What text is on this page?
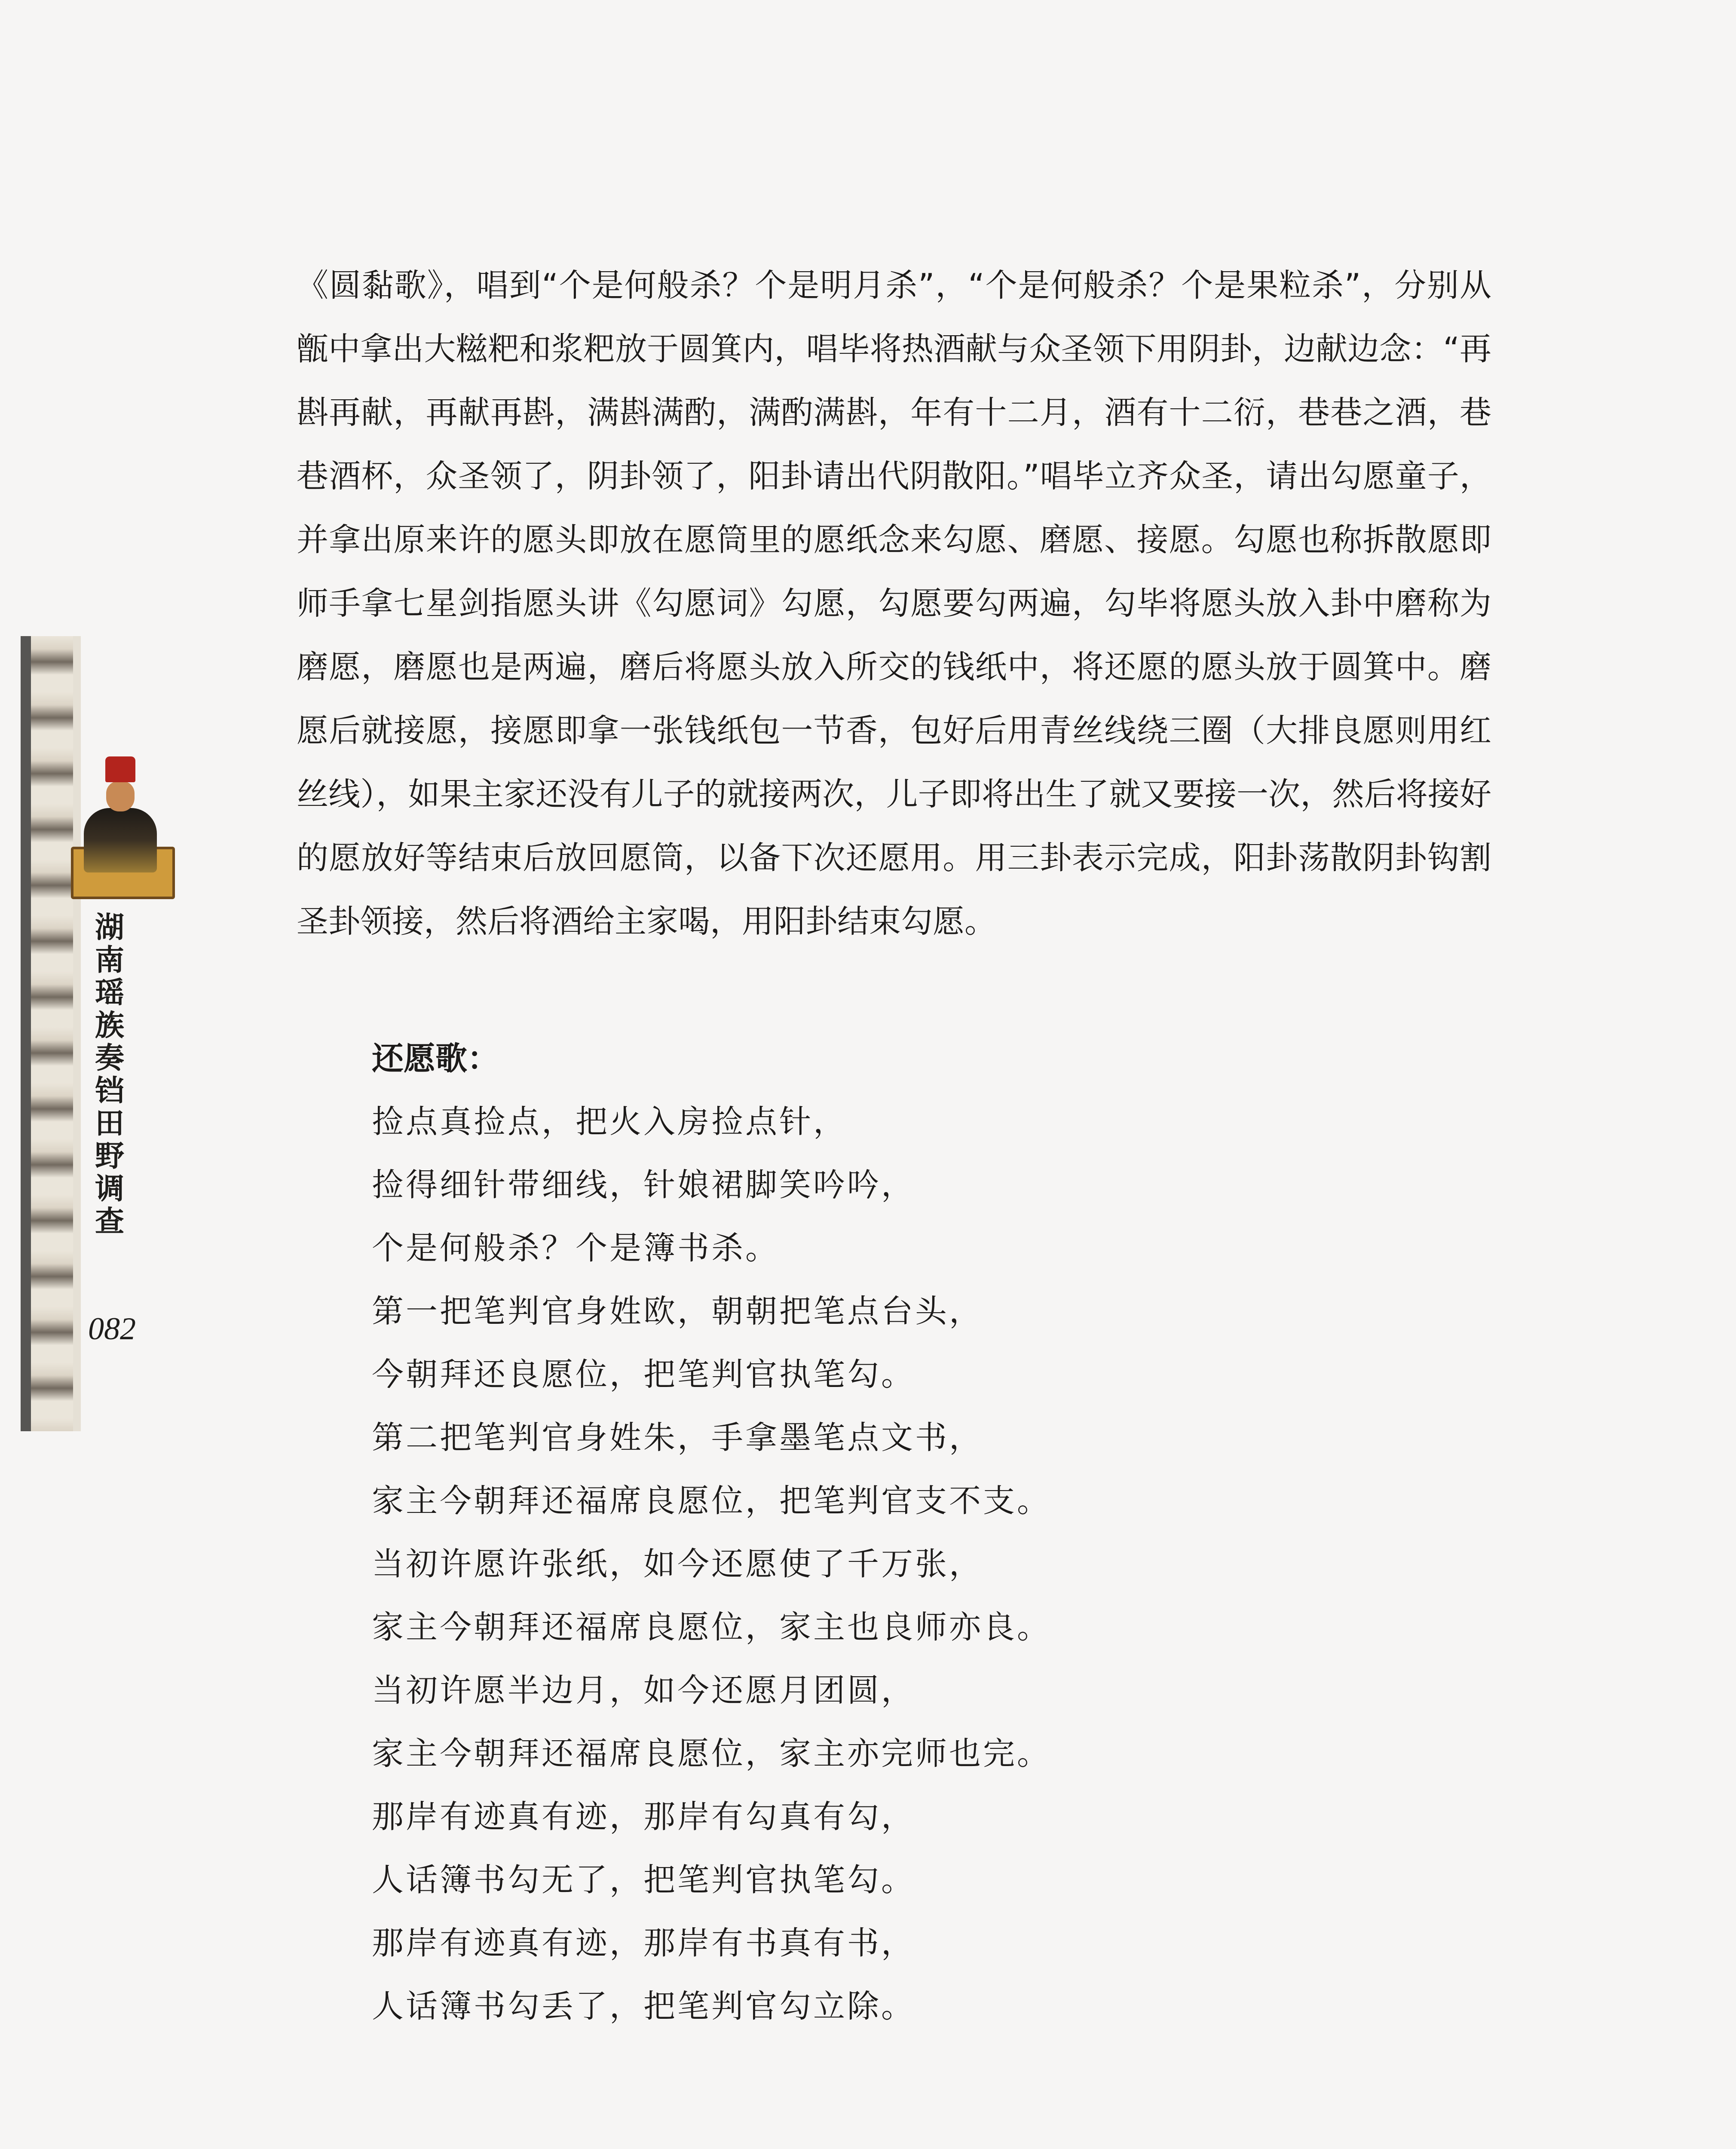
湖南瑶族奏铛田野调查
082

《圆黏歌》，唱到“个是何般杀？个是明月杀”，“个是何般杀？个是果粒杀”，分别从甑中拿出大糍粑和浆粑放于圆箕内，唱毕将热酒献与众圣领下用阴卦，边献边念：“再斟再献，再献再斟，满斟满酌，满酌满斟，年有十二月，酒有十二衍，巷巷之酒，巷巷酒杯，众圣领了，阴卦领了，阳卦请出代阴散阳。”唱毕立齐众圣，请出勾愿童子，并拿出原来许的愿头即放在愿筒里的愿纸念来勾愿、磨愿、接愿。勾愿也称拆散愿即师手拿七星剑指愿头讲《勾愿词》勾愿，勾愿要勾两遍，勾毕将愿头放入卦中磨称为磨愿，磨愿也是两遍，磨后将愿头放入所交的钱纸中，将还愿的愿头放于圆箕中。磨愿后就接愿，接愿即拿一张钱纸包一节香，包好后用青丝线绕三圈（大排良愿则用红丝线），如果主家还没有儿子的就接两次，儿子即将出生了就又要接一次，然后将接好的愿放好等结束后放回愿筒，以备下次还愿用。用三卦表示完成，阳卦荡散阴卦钩割圣卦领接，然后将酒给主家喝，用阳卦结束勾愿。

还愿歌：

捡点真捡点，把火入房捡点针，

捡得细针带细线，针娘裙脚笑吟吟，

个是何般杀？个是簿书杀。

第一把笔判官身姓欧，朝朝把笔点台头，

今朝拜还良愿位，把笔判官执笔勾。

第二把笔判官身姓朱，手拿墨笔点文书，

家主今朝拜还福席良愿位，把笔判官支不支。

当初许愿许张纸，如今还愿使了千万张，

家主今朝拜还福席良愿位，家主也良师亦良。

当初许愿半边月，如今还愿月团圆，

家主今朝拜还福席良愿位，家主亦完师也完。

那岸有迹真有迹，那岸有勾真有勾，

人话簿书勾无了，把笔判官执笔勾。

那岸有迹真有迹，那岸有书真有书，

人话簿书勾丢了，把笔判官勾立除。
